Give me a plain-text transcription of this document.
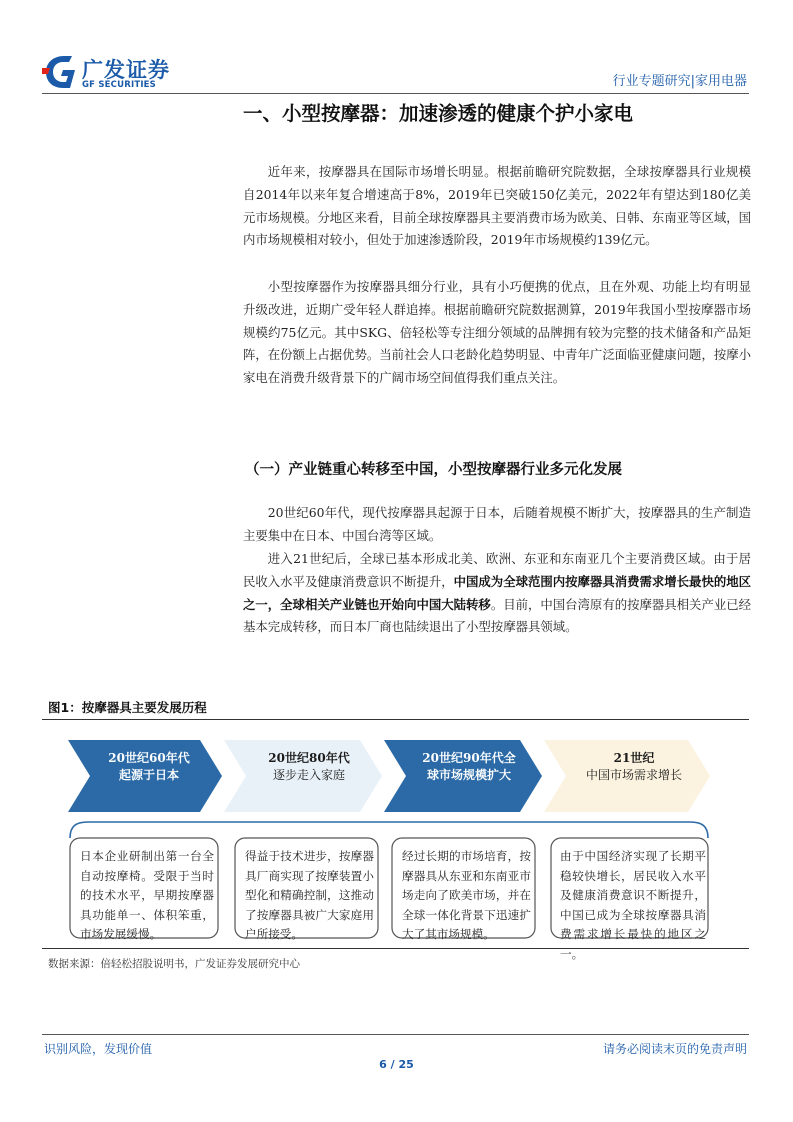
广发证券
GF SECURITIES	行业专题研究|家用电器
一、小型按摩器：加速渗透的健康个护小家电

近年来，按摩器具在国际市场增长明显。根据前瞻研究院数据，全球按摩器具行业规模自2014年以来年复合增速高于8%，2019年已突破150亿美元，2022年有望达到180亿美元市场规模。分地区来看，目前全球按摩器具主要消费市场为欧美、日韩、东南亚等区域，国内市场规模相对较小，但处于加速渗透阶段，2019年市场规模约139亿元。

小型按摩器作为按摩器具细分行业，具有小巧便携的优点，且在外观、功能上均有明显升级改进，近期广受年轻人群追捧。根据前瞻研究院数据测算，2019年我国小型按摩器市场规模约75亿元。其中SKG、倍轻松等专注细分领域的品牌拥有较为完整的技术储备和产品矩阵，在份额上占据优势。当前社会人口老龄化趋势明显、中青年广泛面临亚健康问题，按摩小家电在消费升级背景下的广阔市场空间值得我们重点关注。

（一）产业链重心转移至中国，小型按摩器行业多元化发展

20世纪60年代，现代按摩器具起源于日本，后随着规模不断扩大，按摩器具的生产制造主要集中在日本、中国台湾等区域。

进入21世纪后，全球已基本形成北美、欧洲、东亚和东南亚几个主要消费区域。由于居民收入水平及健康消费意识不断提升，中国成为全球范围内按摩器具消费需求增长最快的地区之一，全球相关产业链也开始向中国大陆转移。目前，中国台湾原有的按摩器具相关产业已经基本完成转移，而日本厂商也陆续退出了小型按摩器具领域。

图1：按摩器具主要发展历程
20世纪60年代
起源于日本
20世纪80年代
逐步走入家庭
20世纪90年代全
球市场规模扩大
21世纪
中国市场需求增长
日本企业研制出第一台全自动按摩椅。受限于当时的技术水平，早期按摩器具功能单一、体积笨重，市场发展缓慢。
得益于技术进步，按摩器具厂商实现了按摩装置小型化和精确控制，这推动了按摩器具被广大家庭用户所接受。
经过长期的市场培育，按摩器具从东亚和东南亚市场走向了欧美市场，并在全球一体化背景下迅速扩大了其市场规模。
由于中国经济实现了长期平稳较快增长，居民收入水平及健康消费意识不断提升，中国已成为全球按摩器具消费需求增长最快的地区之一。
数据来源：倍轻松招股说明书，广发证券发展研究中心
识别风险，发现价值	请务必阅读末页的免责声明
6 / 25
